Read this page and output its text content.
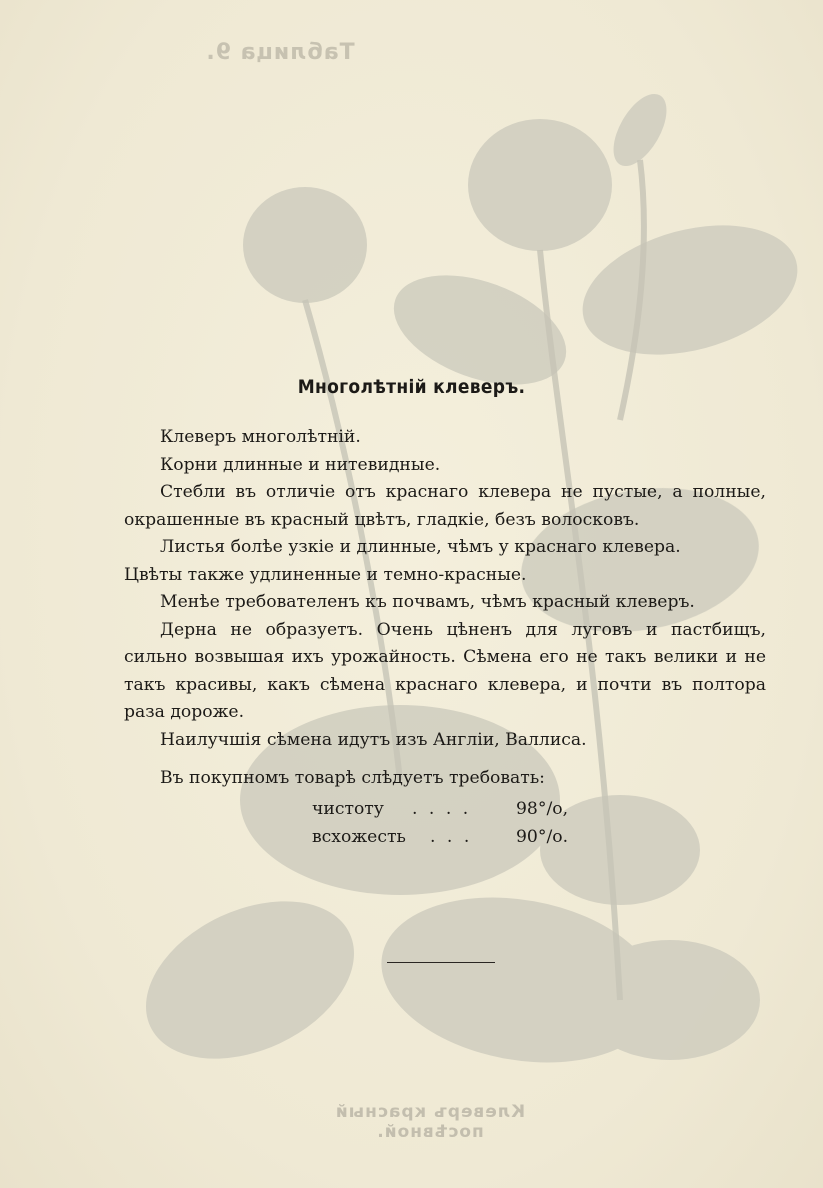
Таблица 9.
Клеверъ красный посѣвной.
Многолѣтній клеверъ.

Клеверъ многолѣтній.

Корни длинные и нитевидные.

Стебли въ отличіе отъ краснаго клевера не пустые, а полные, окрашенные въ красный цвѣтъ, гладкіе, безъ волосковъ.

Листья болѣе узкіе и длинные, чѣмъ у краснаго клевера.

Цвѣты также удлиненные и темно-красные.

Менѣе требователенъ къ почвамъ, чѣмъ красный клеверъ.

Дерна не образуетъ. Очень цѣненъ для луговъ и пастбищъ, сильно возвышая ихъ урожайность. Сѣмена его не такъ велики и не такъ красивы, какъ сѣмена краснаго клевера, и почти въ полтора раза дороже.

Наилучшія сѣмена идутъ изъ Англіи, Валлиса.

Въ покупномъ товарѣ слѣдуетъ требовать:

чистоту	. . . .	98°/о,
всхожесть	. . .	90°/о.
